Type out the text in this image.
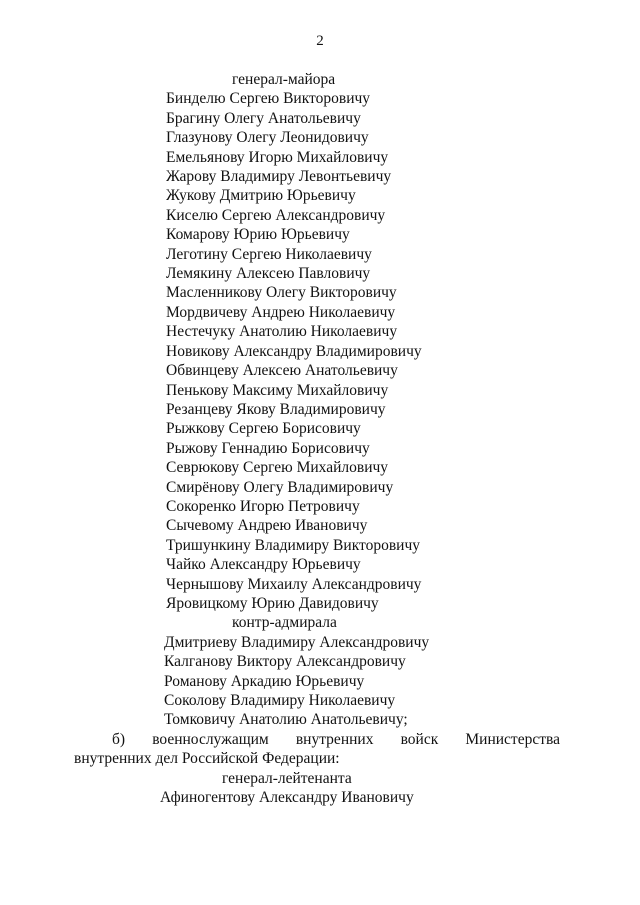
2
генерал-майора
Бинделю Сергею Викторовичу
Брагину Олегу Анатольевичу
Глазунову Олегу Леонидовичу
Емельянову Игорю Михайловичу
Жарову Владимиру Левонтьевичу
Жукову Дмитрию Юрьевичу
Киселю Сергею Александровичу
Комарову Юрию Юрьевичу
Леготину Сергею Николаевичу
Лемякину Алексею Павловичу
Масленникову Олегу Викторовичу
Мордвичеву Андрею Николаевичу
Нестечуку Анатолию Николаевичу
Новикову Александру Владимировичу
Обвинцеву Алексею Анатольевичу
Пенькову Максиму Михайловичу
Резанцеву Якову Владимировичу
Рыжкову Сергею Борисовичу
Рыжову Геннадию Борисовичу
Севрюкову Сергею Михайловичу
Смирёнову Олегу Владимировичу
Сокоренко Игорю Петровичу
Сычевому Андрею Ивановичу
Тришункину Владимиру Викторовичу
Чайко Александру Юрьевичу
Чернышову Михаилу Александровичу
Яровицкому Юрию Давидовичу
контр-адмирала
Дмитриеву Владимиру Александровичу
Калганову Виктору Александровичу
Романову Аркадию Юрьевичу
Соколову Владимиру Николаевичу
Томковичу Анатолию Анатольевичу;
б) военнослужащим внутренних войск Министерства
внутренних дел Российской Федерации:
генерал-лейтенанта
Афиногентову Александру Ивановичу
